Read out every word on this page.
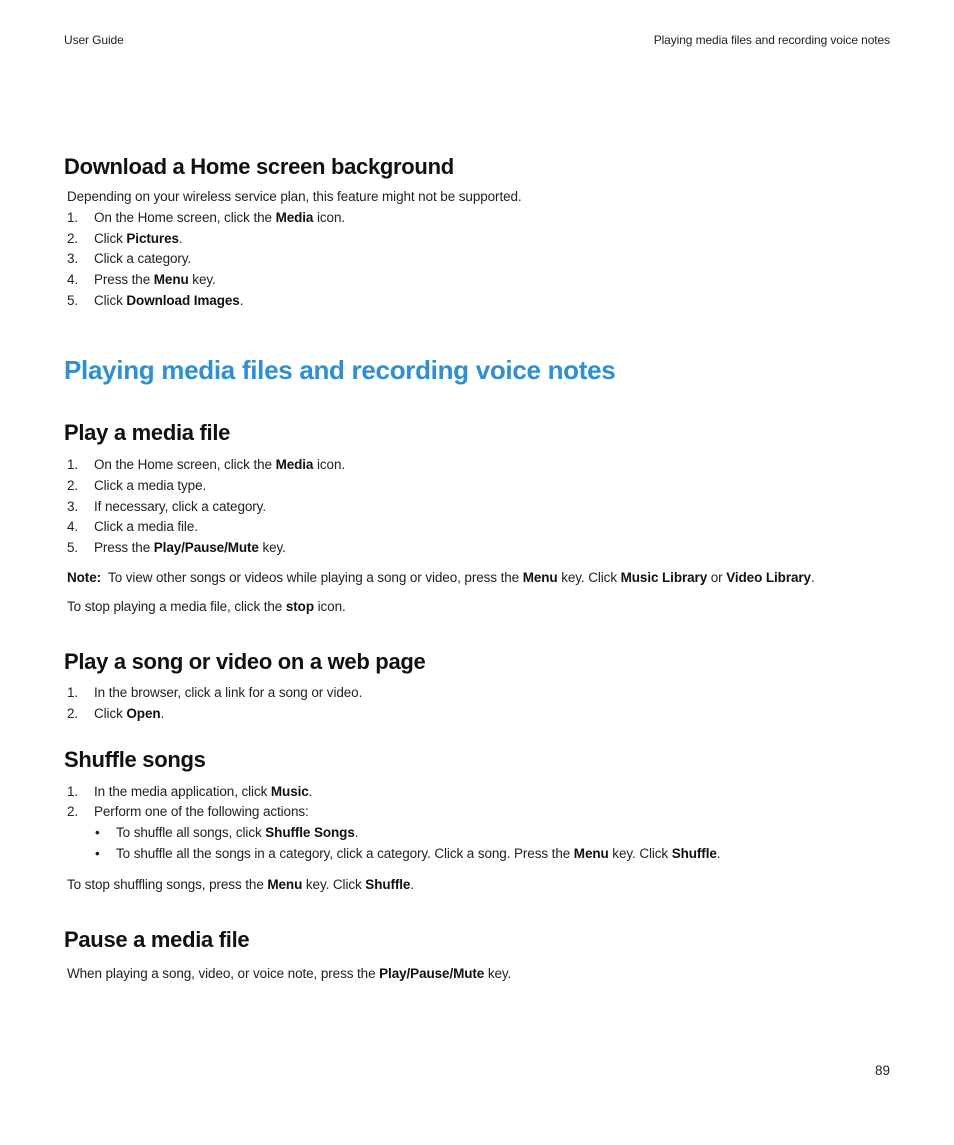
User Guide	Playing media files and recording voice notes
Download a Home screen background

Depending on your wireless service plan, this feature might not be supported.

1. On the Home screen, click the Media icon.
2. Click Pictures.
3. Click a category.
4. Press the Menu key.
5. Click Download Images.
Playing media files and recording voice notes
Play a media file
1. On the Home screen, click the Media icon.
2. Click a media type.
3. If necessary, click a category.
4. Click a media file.
5. Press the Play/Pause/Mute key.

Note:  To view other songs or videos while playing a song or video, press the Menu key. Click Music Library or Video Library.

To stop playing a media file, click the stop icon.

Play a song or video on a web page
1. In the browser, click a link for a song or video.
2. Click Open.
Shuffle songs
1. In the media application, click Music.
2. Perform one of the following actions:
• To shuffle all songs, click Shuffle Songs.
• To shuffle all the songs in a category, click a category. Click a song. Press the Menu key. Click Shuffle.

To stop shuffling songs, press the Menu key. Click Shuffle.

Pause a media file

When playing a song, video, or voice note, press the Play/Pause/Mute key.

89
